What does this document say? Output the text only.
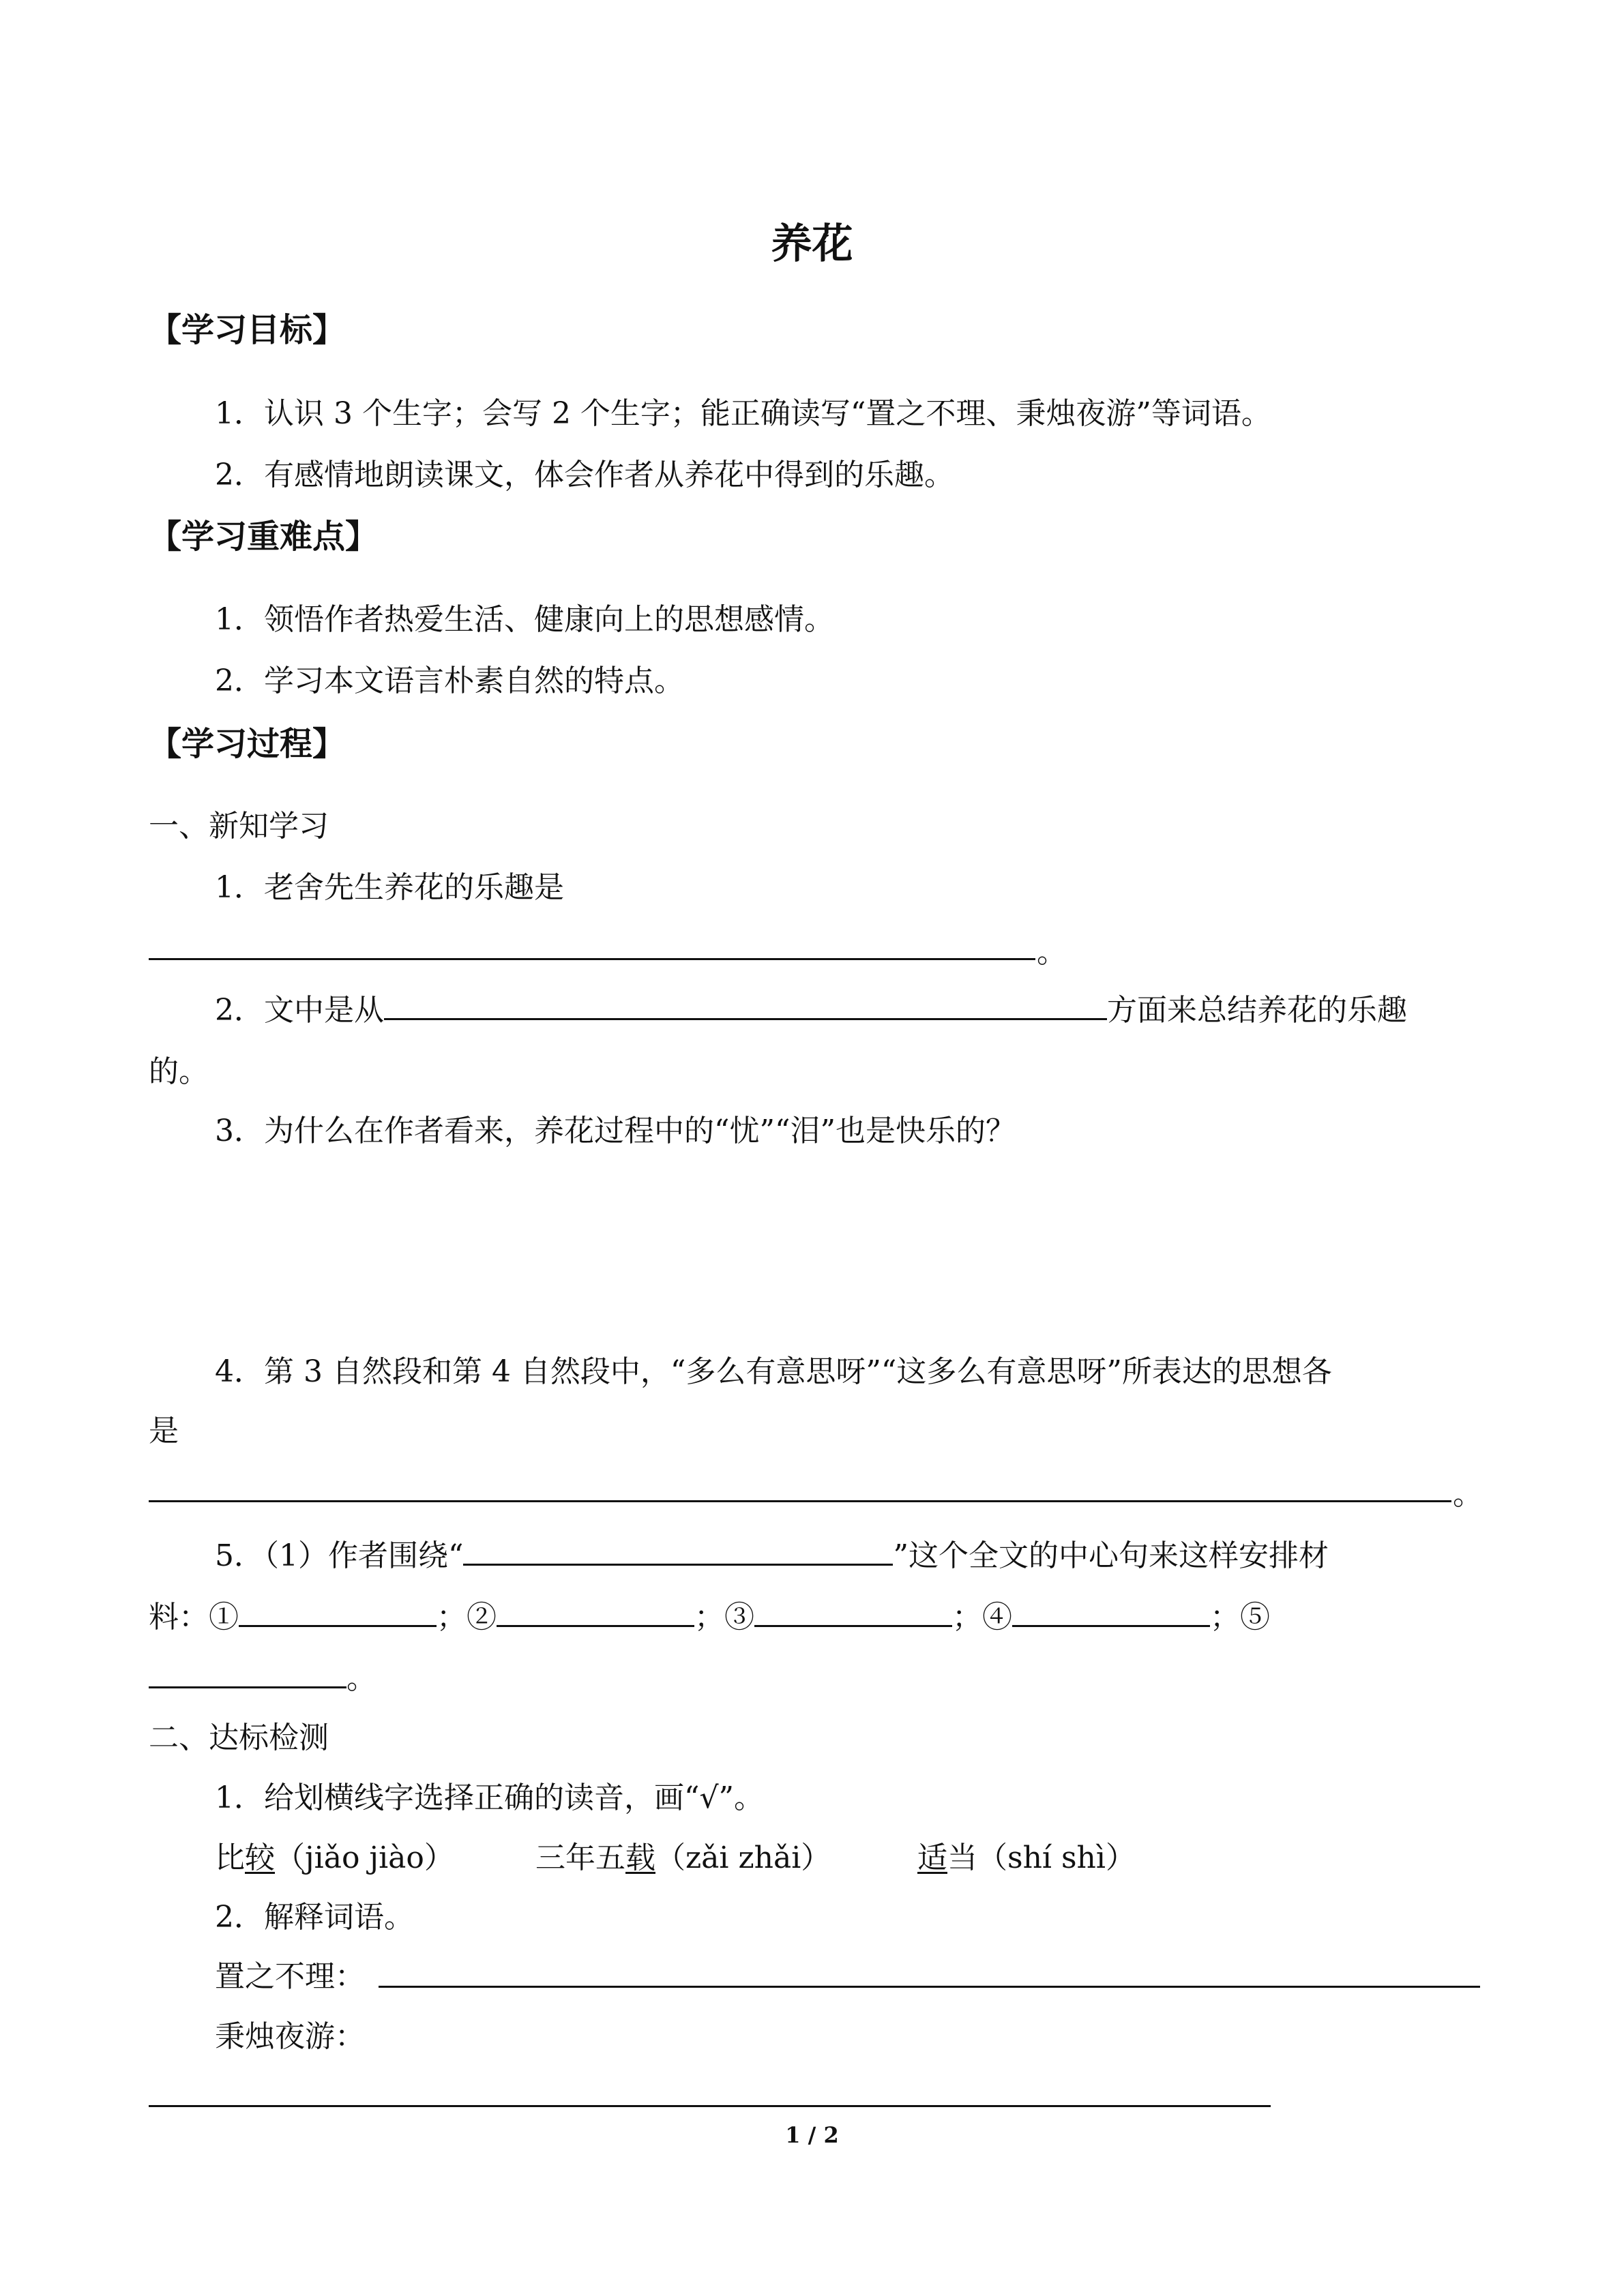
养花
【学习目标】
1．认识 3 个生字；会写 2 个生字；能正确读写“置之不理、秉烛夜游”等词语。
2．有感情地朗读课文，体会作者从养花中得到的乐趣。
【学习重难点】
1．领悟作者热爱生活、健康向上的思想感情。
2．学习本文语言朴素自然的特点。
【学习过程】
一、新知学习
1．老舍先生养花的乐趣是
。
2．文中是从	方面来总结养花的乐趣
的。
3．为什么在作者看来，养花过程中的“忧”“泪”也是快乐的？
4．第 3 自然段和第 4 自然段中，“多么有意思呀”“这多么有意思呀”所表达的思想各
是
。
5．（1）作者围绕“	”这个全文的中心句来这样安排材
料：①	；②	；③	；④	；⑤
。
二、达标检测
1．给划横线字选择正确的读音，画“√”。
比较（jiǎo jiào）	三年五载（zǎi zhǎi）	适当（shí shì）
2．解释词语。
置之不理：
秉烛夜游：
1 / 2
